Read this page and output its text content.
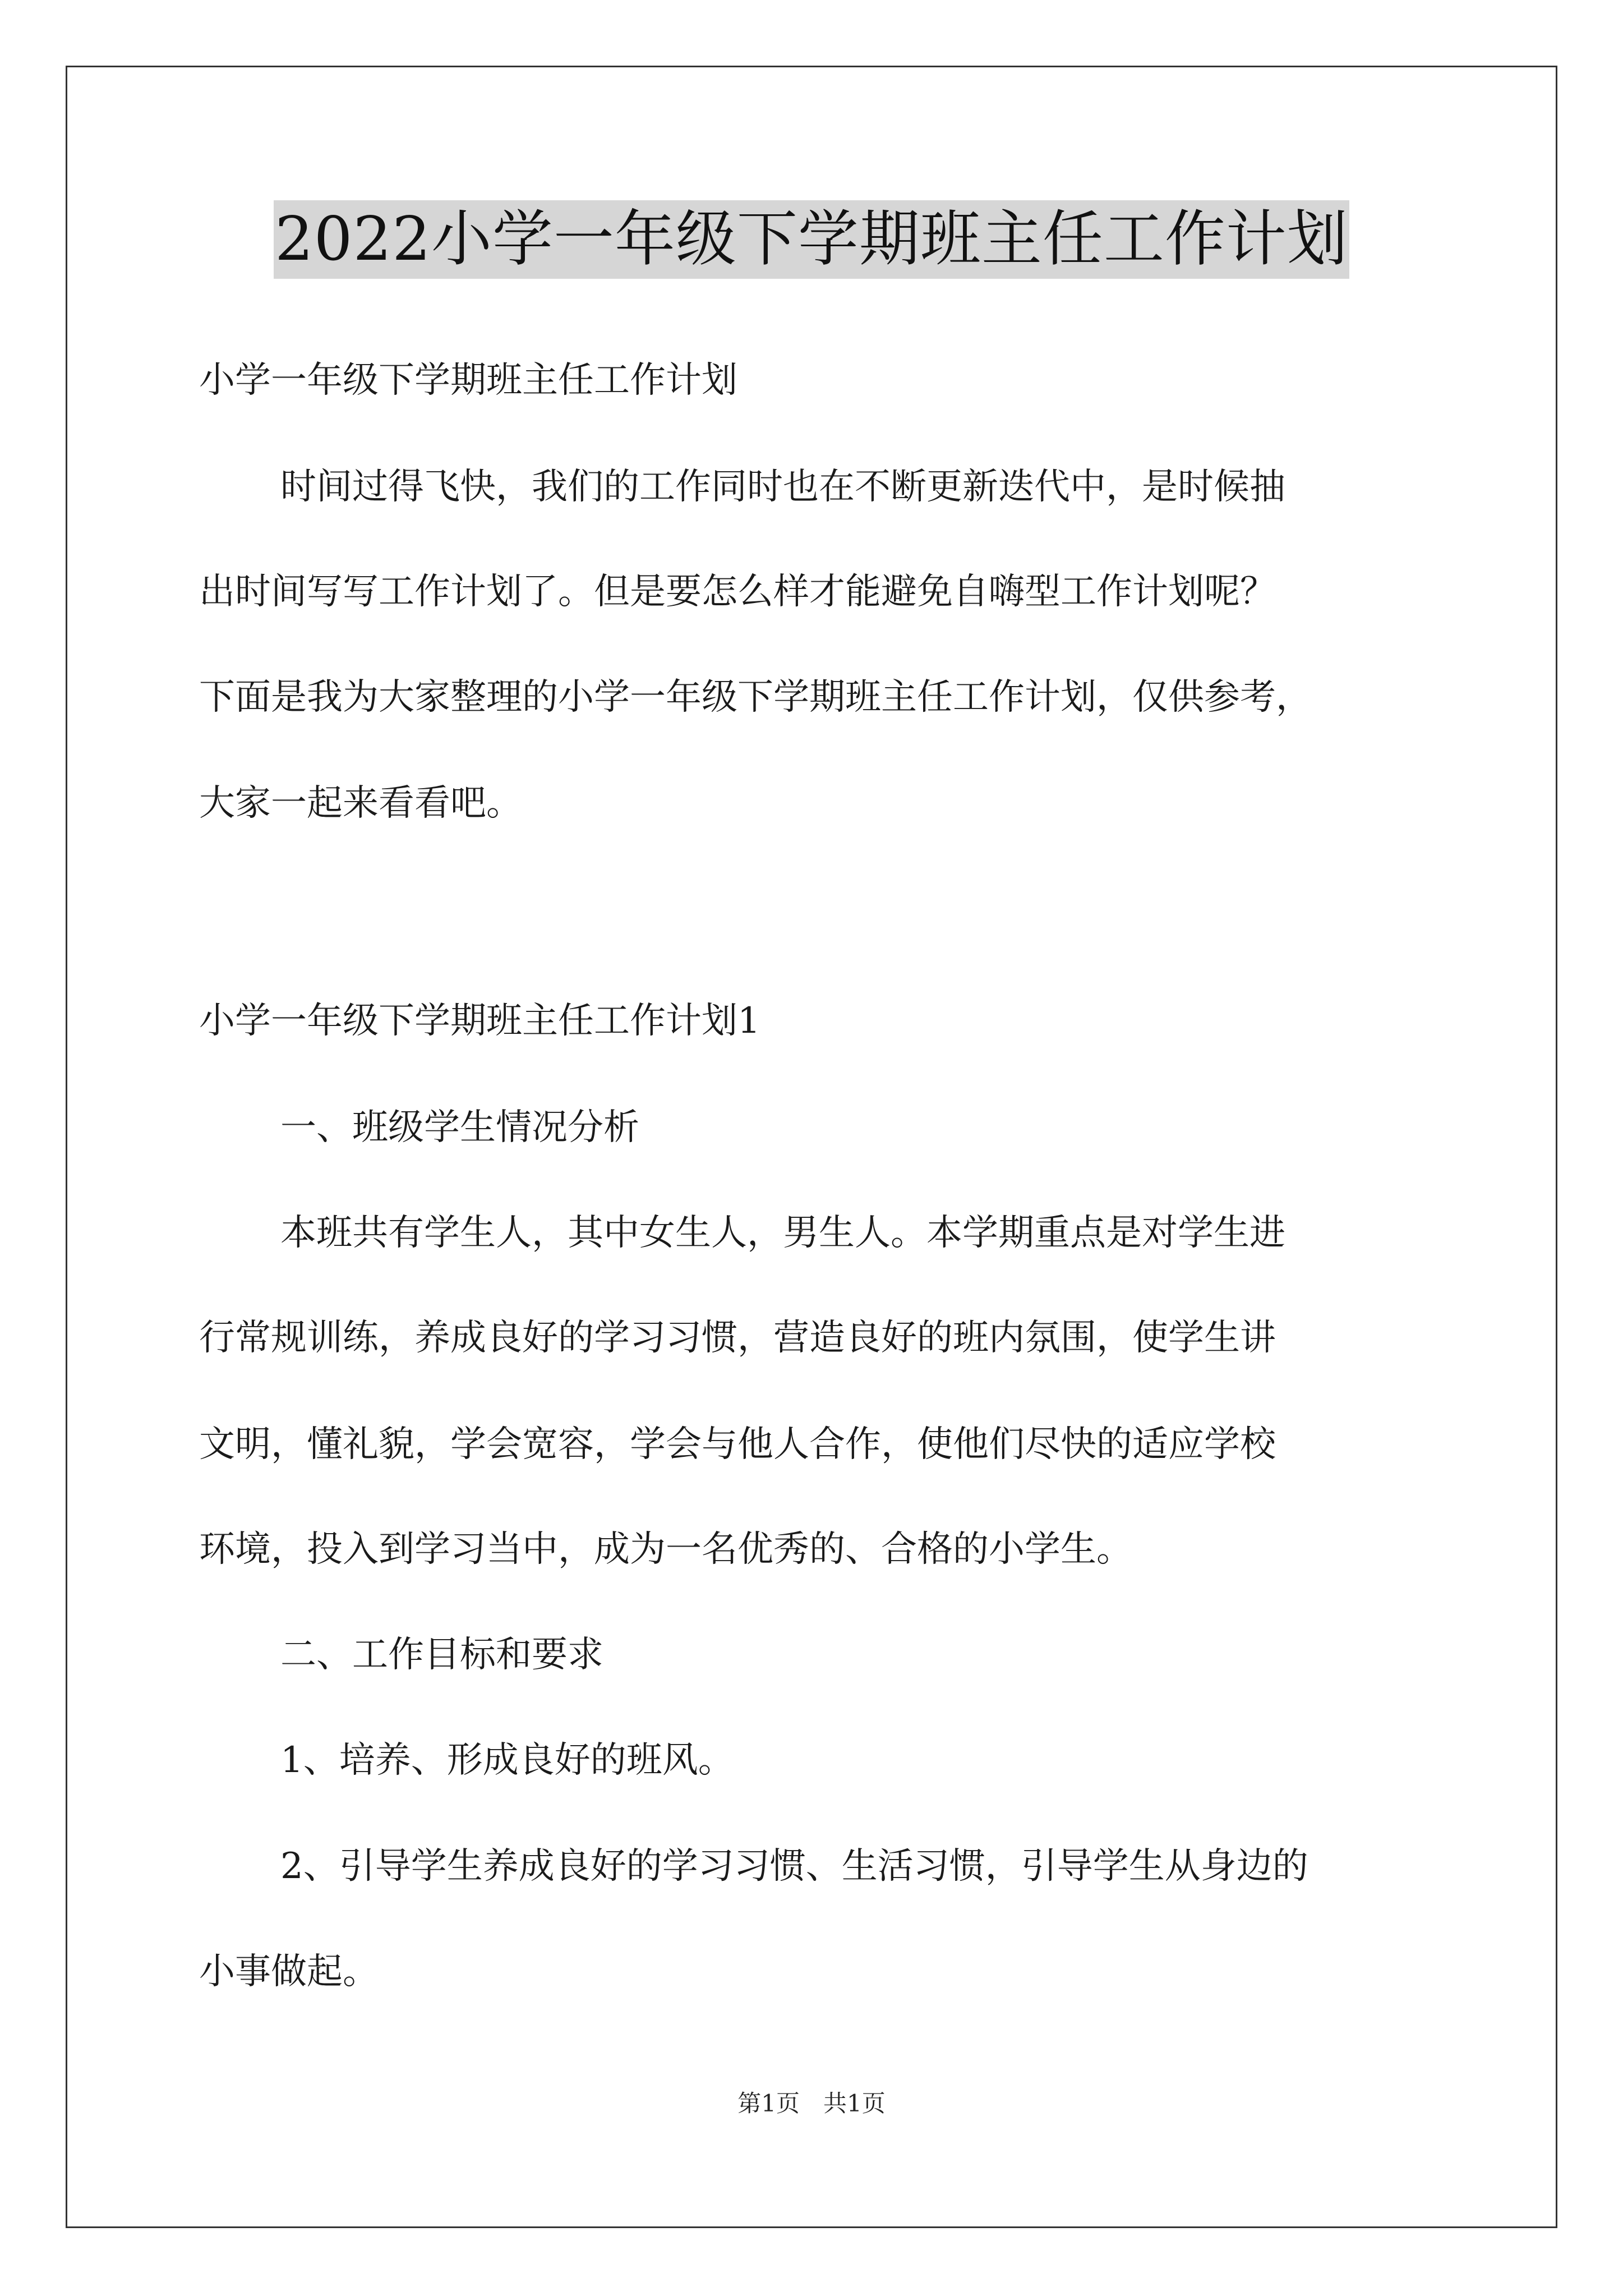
2022小学一年级下学期班主任工作计划
小学一年级下学期班主任工作计划
时间过得飞快，我们的工作同时也在不断更新迭代中，是时候抽
出时间写写工作计划了。但是要怎么样才能避免自嗨型工作计划呢？
下面是我为大家整理的小学一年级下学期班主任工作计划，仅供参考，
大家一起来看看吧。
小学一年级下学期班主任工作计划1
一、班级学生情况分析
本班共有学生人，其中女生人，男生人。本学期重点是对学生进
行常规训练，养成良好的学习习惯，营造良好的班内氛围，使学生讲
文明，懂礼貌，学会宽容，学会与他人合作，使他们尽快的适应学校
环境，投入到学习当中，成为一名优秀的、合格的小学生。
二、工作目标和要求
1、培养、形成良好的班风。
2、引导学生养成良好的学习习惯、生活习惯，引导学生从身边的
小事做起。
第1页　共1页
